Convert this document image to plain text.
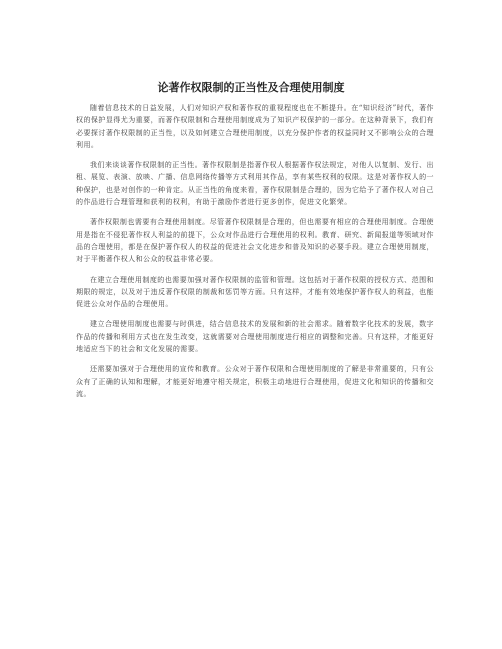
论著作权限制的正当性及合理使用制度

随着信息技术的日益发展，人们对知识产权和著作权的重视程度也在不断提升。在“知识经济”时代，著作权的保护显得尤为重要，而著作权限制和合理使用制度成为了知识产权保护的一部分。在这种背景下，我们有必要探讨著作权限制的正当性，以及如何建立合理使用制度，以充分保护作者的权益同时又不影响公众的合理利用。

我们来谈谈著作权限制的正当性。著作权限制是指著作权人根据著作权法规定，对他人以复制、发行、出租、展览、表演、放映、广播、信息网络传播等方式利用其作品，享有某些权利的权限。这是对著作权人的一种保护，也是对创作的一种肯定。从正当性的角度来看，著作权限制是合理的，因为它给予了著作权人对自己的作品进行合理管理和获利的权利，有助于激励作者进行更多创作，促进文化繁荣。

著作权限制也需要有合理使用制度。尽管著作权限制是合理的，但也需要有相应的合理使用制度。合理使用是指在不侵犯著作权人利益的前提下，公众对作品进行合理使用的权利。教育、研究、新闻报道等领域对作品的合理使用，都是在保护著作权人的权益的促进社会文化进步和普及知识的必要手段。建立合理使用制度，对于平衡著作权人和公众的权益非常必要。

在建立合理使用制度的也需要加强对著作权限制的监管和管理。这包括对于著作权限的授权方式、范围和期限的规定，以及对于违反著作权限的制裁和惩罚等方面。只有这样，才能有效地保护著作权人的利益，也能促进公众对作品的合理使用。

建立合理使用制度也需要与时俱进，结合信息技术的发展和新的社会需求。随着数字化技术的发展，数字作品的传播和利用方式也在发生改变，这就需要对合理使用制度进行相应的调整和完善。只有这样，才能更好地适应当下的社会和文化发展的需要。

还需要加强对于合理使用的宣传和教育。公众对于著作权限和合理使用制度的了解是非常重要的，只有公众有了正确的认知和理解，才能更好地遵守相关规定，积极主动地进行合理使用，促进文化和知识的传播和交流。
